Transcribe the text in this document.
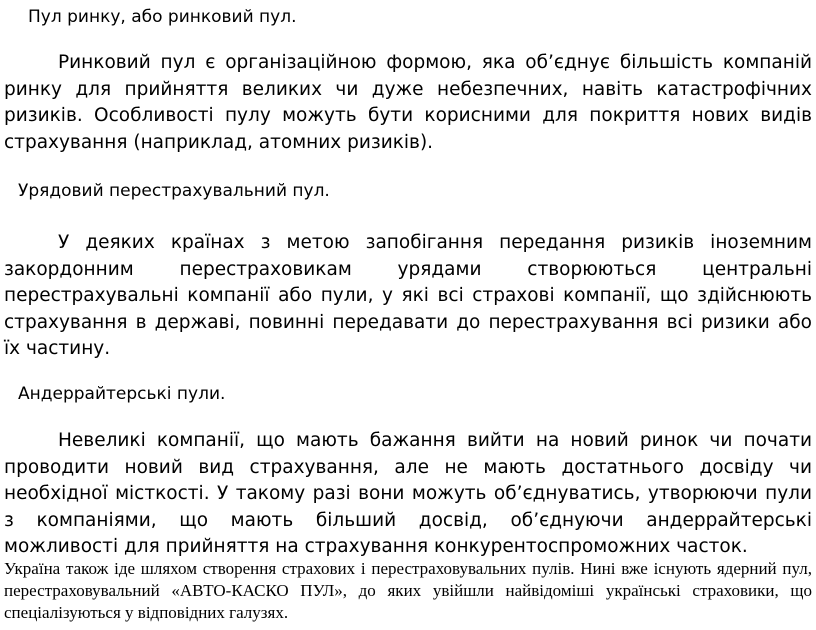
Пул ринку, або ринковий пул.

Ринковий пул є організаційною формою, яка об’єднує більшість компаній ринку для прийняття великих чи дуже небезпечних, навіть катастрофічних ризиків. Особливості пулу можуть бути корисними для покриття нових видів страхування (наприклад, атомних ризиків).

Урядовий перестрахувальний пул.

У деяких країнах з метою запобігання передання ризиків іноземним закордонним перестраховикам урядами створюються центральні перестрахувальні компанії або пули, у які всі страхові компанії, що здійснюють страхування в державі, повинні передавати до перестрахування всі ризики або їх частину.

Андеррайтерські пули.

Невеликі компанії, що мають бажання вийти на новий ринок чи почати проводити новий вид страхування, але не мають достатнього досвіду чи необхідної місткості. У такому разі вони можуть об’єднуватись, утворюючи пули з компаніями, що мають більший досвід, об’єднуючи андеррайтерські можливості для прийняття на страхування конкурентоспроможних часток.

Україна також іде шляхом створення страхових і перестраховувальних пулів. Нині вже існують ядерний пул, перестраховувальний «АВТО-КАСКО ПУЛ», до яких увійшли найвідоміші українські страховики, що спеціалізуються у відповідних галузях.
